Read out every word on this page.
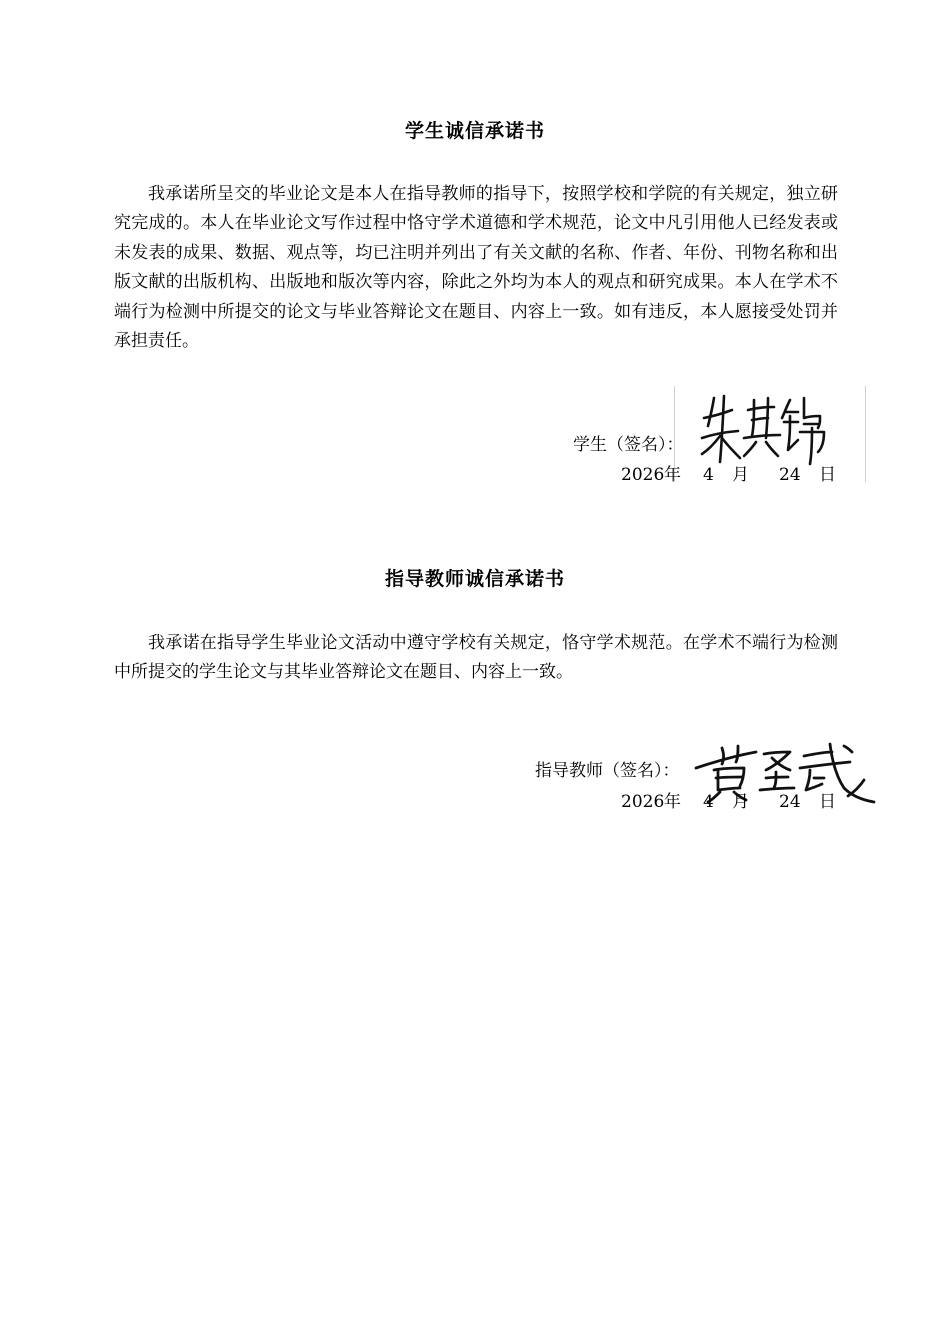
学生诚信承诺书

我承诺所呈交的毕业论文是本人在指导教师的指导下，按照学校和学院的有关规定，独立研究完成的。本人在毕业论文写作过程中恪守学术道德和学术规范，论文中凡引用他人已经发表或未发表的成果、数据、观点等，均已注明并列出了有关文献的名称、作者、年份、刊物名称和出版文献的出版机构、出版地和版次等内容，除此之外均为本人的观点和研究成果。本人在学术不端行为检测中所提交的论文与毕业答辩论文在题目、内容上一致。如有违反，本人愿接受处罚并承担责任。

学生（签名）：
2026 年 4 月 24 日
指导教师诚信承诺书

我承诺在指导学生毕业论文活动中遵守学校有关规定，恪守学术规范。在学术不端行为检测中所提交的学生论文与其毕业答辩论文在题目、内容上一致。

指导教师（签名）：
2026 年 4 月 24 日
